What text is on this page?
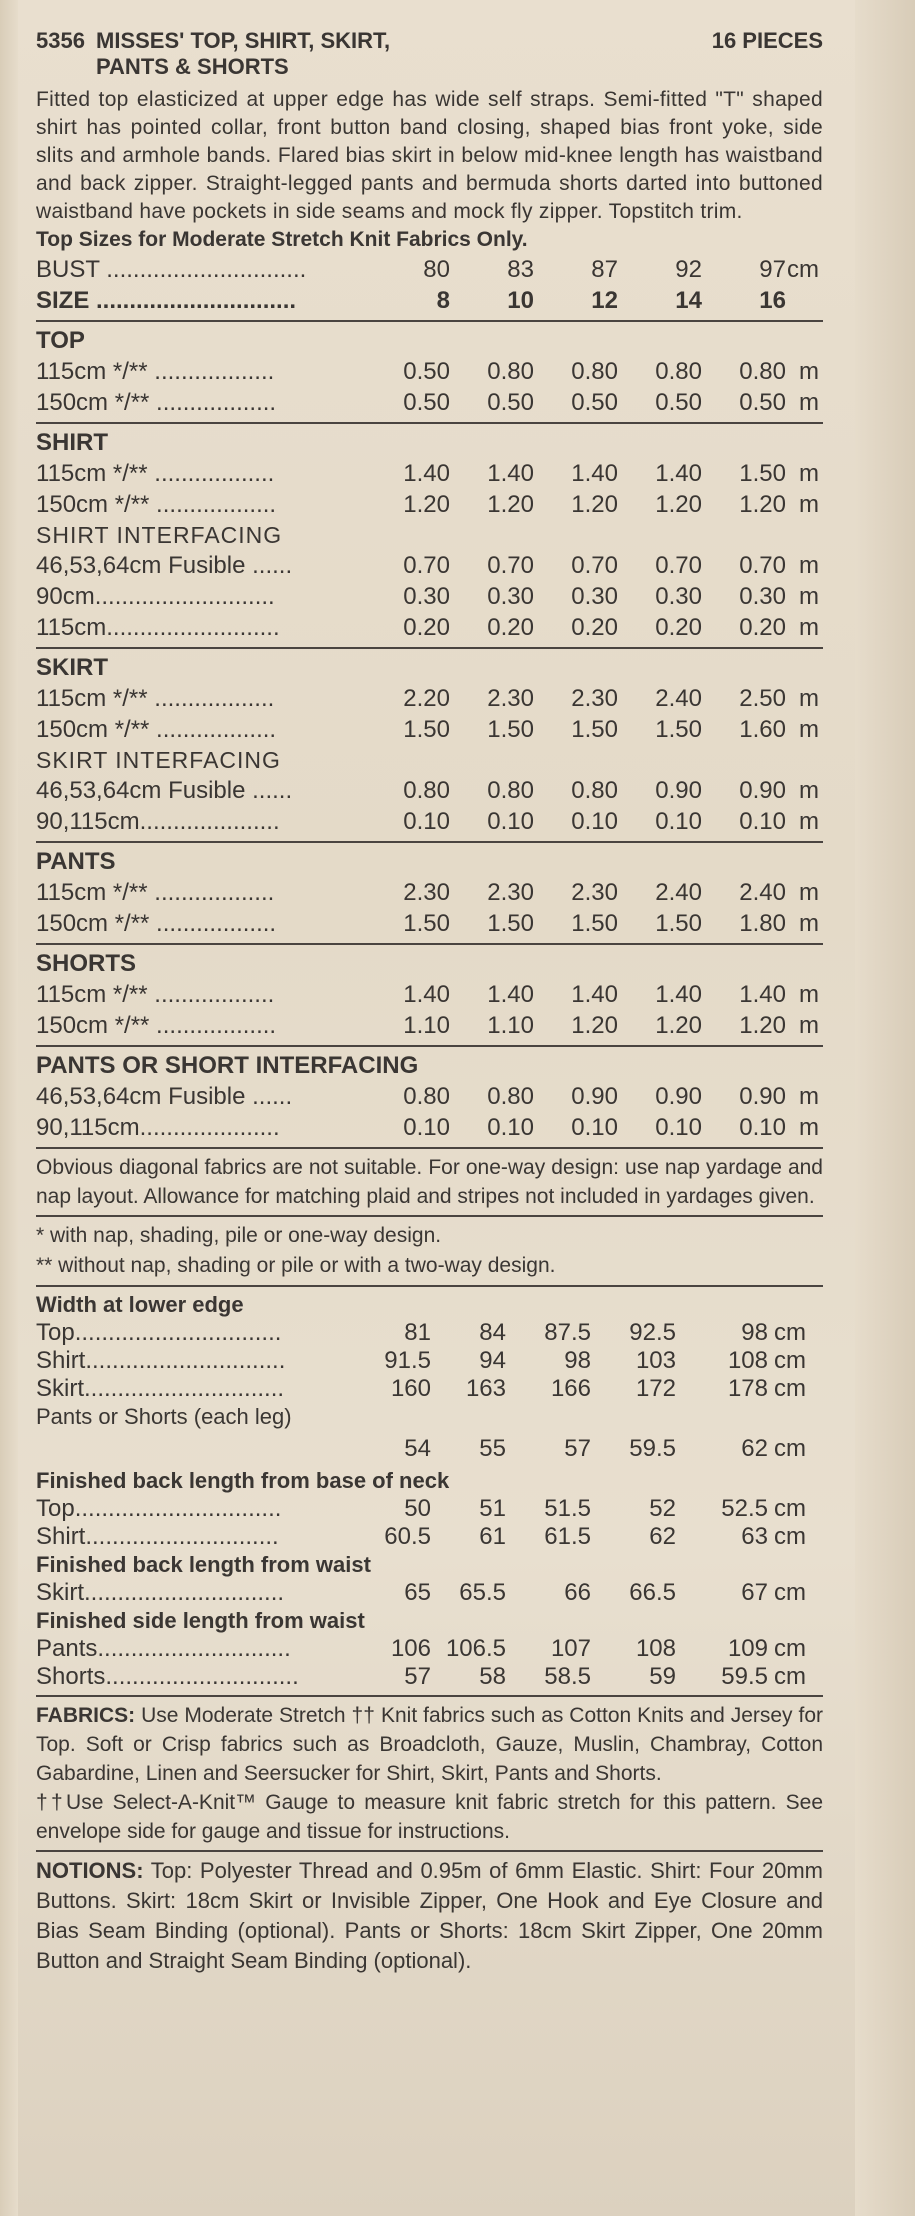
5356 MISSES' TOP, SHIRT, SKIRT,	16 PIECES
PANTS & SHORTS
Fitted top elasticized at upper edge has wide self straps. Semi-fitted "T" shaped shirt has pointed collar, front button band closing, shaped bias front yoke, side slits and armhole bands. Flared bias skirt in below mid-knee length has waistband and back zipper. Straight-legged pants and bermuda shorts darted into buttoned waistband have pockets in side seams and mock fly zipper. Topstitch trim.
Top Sizes for Moderate Stretch Knit Fabrics Only.
BUST ..............................	80	83	87	92	97 cm
SIZE ..............................	8	10	12	14	16
TOP
115cm */** ..................	0.50	0.80	0.80	0.80	0.80 m
150cm */** ..................	0.50	0.50	0.50	0.50	0.50 m
SHIRT
115cm */** ..................	1.40	1.40	1.40	1.40	1.50 m
150cm */** ..................	1.20	1.20	1.20	1.20	1.20 m
SHIRT INTERFACING
46,53,64cm Fusible ......	0.70	0.70	0.70	0.70	0.70 m
90cm...........................	0.30	0.30	0.30	0.30	0.30 m
115cm..........................	0.20	0.20	0.20	0.20	0.20 m
SKIRT
115cm */** ..................	2.20	2.30	2.30	2.40	2.50 m
150cm */** ..................	1.50	1.50	1.50	1.50	1.60 m
SKIRT INTERFACING
46,53,64cm Fusible ......	0.80	0.80	0.80	0.90	0.90 m
90,115cm.....................	0.10	0.10	0.10	0.10	0.10 m
PANTS
115cm */** ..................	2.30	2.30	2.30	2.40	2.40 m
150cm */** ..................	1.50	1.50	1.50	1.50	1.80 m
SHORTS
115cm */** ..................	1.40	1.40	1.40	1.40	1.40 m
150cm */** ..................	1.10	1.10	1.20	1.20	1.20 m
PANTS OR SHORT INTERFACING
46,53,64cm Fusible ......	0.80	0.80	0.90	0.90	0.90 m
90,115cm.....................	0.10	0.10	0.10	0.10	0.10 m
Obvious diagonal fabrics are not suitable. For one-way design: use nap yardage and nap layout. Allowance for matching plaid and stripes not included in yardages given.
* with nap, shading, pile or one-way design.
** without nap, shading or pile or with a two-way design.
Width at lower edge
Top...............................	81	84	87.5	92.5	98 cm
Shirt..............................	91.5	94	98	103	108 cm
Skirt..............................	160	163	166	172	178 cm
Pants or Shorts (each leg)
54	55	57	59.5	62 cm
Finished back length from base of neck
Top...............................	50	51	51.5	52	52.5 cm
Shirt.............................	60.5	61	61.5	62	63 cm
Finished back length from waist
Skirt..............................	65	65.5	66	66.5	67 cm
Finished side length from waist
Pants.............................	106 106.5	107	108	109 cm
Shorts.............................	57	58	58.5	59	59.5 cm
FABRICS: Use Moderate Stretch †† Knit fabrics such as Cotton Knits and Jersey for Top. Soft or Crisp fabrics such as Broadcloth, Gauze, Muslin, Chambray, Cotton Gabardine, Linen and Seersucker for Shirt, Skirt, Pants and Shorts.
††Use Select-A-Knit™ Gauge to measure knit fabric stretch for this pattern. See envelope side for gauge and tissue for instructions.
NOTIONS: Top: Polyester Thread and 0.95m of 6mm Elastic. Shirt: Four 20mm Buttons. Skirt: 18cm Skirt or Invisible Zipper, One Hook and Eye Closure and Bias Seam Binding (optional). Pants or Shorts: 18cm Skirt Zipper, One 20mm Button and Straight Seam Binding (optional).
